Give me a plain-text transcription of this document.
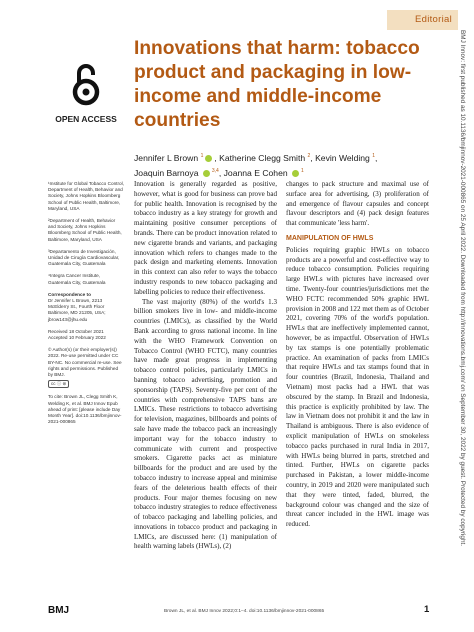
Editorial
OPEN ACCESS
Innovations that harm: tobacco product and packaging in low-income and middle-income countries
Jennifer L Brown $^1$ , Katherine Clegg Smith $^2$, Kevin Welding $^1$,
Joaquin Barnoya	$^{3,4}$, Joanna E Cohen	$^1$

¹Institute for Global Tobacco Control, Department of Health, Behavior and Society, Johns Hopkins Bloomberg School of Public Health, Baltimore, Maryland, USA

²Department of Health, Behavior and Society, Johns Hopkins Bloomberg School of Public Health, Baltimore, Maryland, USA

³Departamento de Investigación, Unidad de Cirugía Cardiovascular, Guatemala City, Guatemala

⁴Integra Cancer Institute, Guatemala City, Guatemala

Correspondence to
Dr Jennifer L Brown, 2213 McElderry St., Fourth Floor Baltimore, MD 21205, USA; jbrow143@jhu.edu

Received 18 October 2021
Accepted 10 February 2022

© Author(s) (or their employer(s)) 2022. Re-use permitted under CC BY-NC. No commercial re-use. See rights and permissions. Published by BMJ.
cc ⓘ ⊜

To cite: Brown JL, Clegg Smith K, Welding K, et al. BMJ Innov Epub ahead of print: [please include Day Month Year]. doi:10.1136/bmjinnov-2021-000865

Innovation is generally regarded as positive, however, what is good for business can prove bad for public health. Innovation is recognised by the tobacco industry as a key strategy for growth and maintaining positive consumer perceptions of brands. There can be product innovation related to new cigarette brands and variants, and packaging innovation which refers to changes made to the pack design and marketing elements. Innovation in this context can also refer to ways the tobacco industry responds to new tobacco packaging and labelling policies to reduce their effectiveness.

The vast majority (80%) of the world's 1.3 billion smokers live in low- and middle-income countries (LMICs), as classified by the World Bank according to gross national income. In line with the WHO Framework Convention on Tobacco Control (WHO FCTC), many countries have made great progress in implementing tobacco control policies, particularly LMICs in banning tobacco advertising, promotion and sponsorship (TAPS). Seventy-five per cent of the countries with comprehensive TAPS bans are LMICs. These restrictions to tobacco advertising for television, magazines, billboards and points of sale have made the tobacco pack an increasingly important way for the tobacco industry to communicate with current and prospective smokers. Cigarette packs act as miniature billboards for the product and are used by the tobacco industry to increase appeal and minimise fears of the deleterious health effects of their products. Four major themes focusing on new tobacco industry strategies to reduce effectiveness of tobacco packaging and labelling policies, and innovations in tobacco product and packaging in LMICs, are discussed here: (1) manipulation of health warning labels (HWLs), (2)

changes to pack structure and maximal use of surface area for advertising, (3) proliferation of and emergence of flavour capsules and concept flavour descriptors and (4) pack design features that communicate 'less harm'.

MANIPULATION OF HWLS

Policies requiring graphic HWLs on tobacco products are a powerful and cost-effective way to reduce tobacco consumption. Policies requiring large HWLs with pictures have increased over time. Twenty-four countries/jurisdictions met the WHO FCTC recommended 50% graphic HWL provision in 2008 and 122 met them as of October 2021, covering 70% of the world's population. HWLs that are ineffectively implemented cannot, however, be as impactful. Observation of HWLs by tax stamps is one potentially problematic practice. An examination of packs from LMICs that require HWLs and tax stamps found that in four countries (Brazil, Indonesia, Thailand and Vietnam) most packs had a HWL that was obscured by the stamp. In Brazil and Indonesia, this practice is explicitly prohibited by law. The law in Vietnam does not prohibit it and the law in Thailand is ambiguous. There is also evidence of explicit manipulation of HWLs on smokeless tobacco packs purchased in rural India in 2017, with HWLs being blurred in parts, stretched and tinted. Further, HWLs on cigarette packs purchased in Pakistan, a lower middle-income country, in 2019 and 2020 were manipulated such that they were tinted, faded, blurred, the background colour was changed and the size of threat cancer included in the HWL image was reduced.	BMJ Innov: first published as 10.1136/bmjinnov-2021-000865 on 25 April 2022. Downloaded from http://innovations.bmj.com/ on September 30, 2022 by guest. Protected by copyright.
BMJ	Brown JL, et al. BMJ Innov 2022;0:1–4. doi:10.1136/bmjinnov-2021-000865	1
